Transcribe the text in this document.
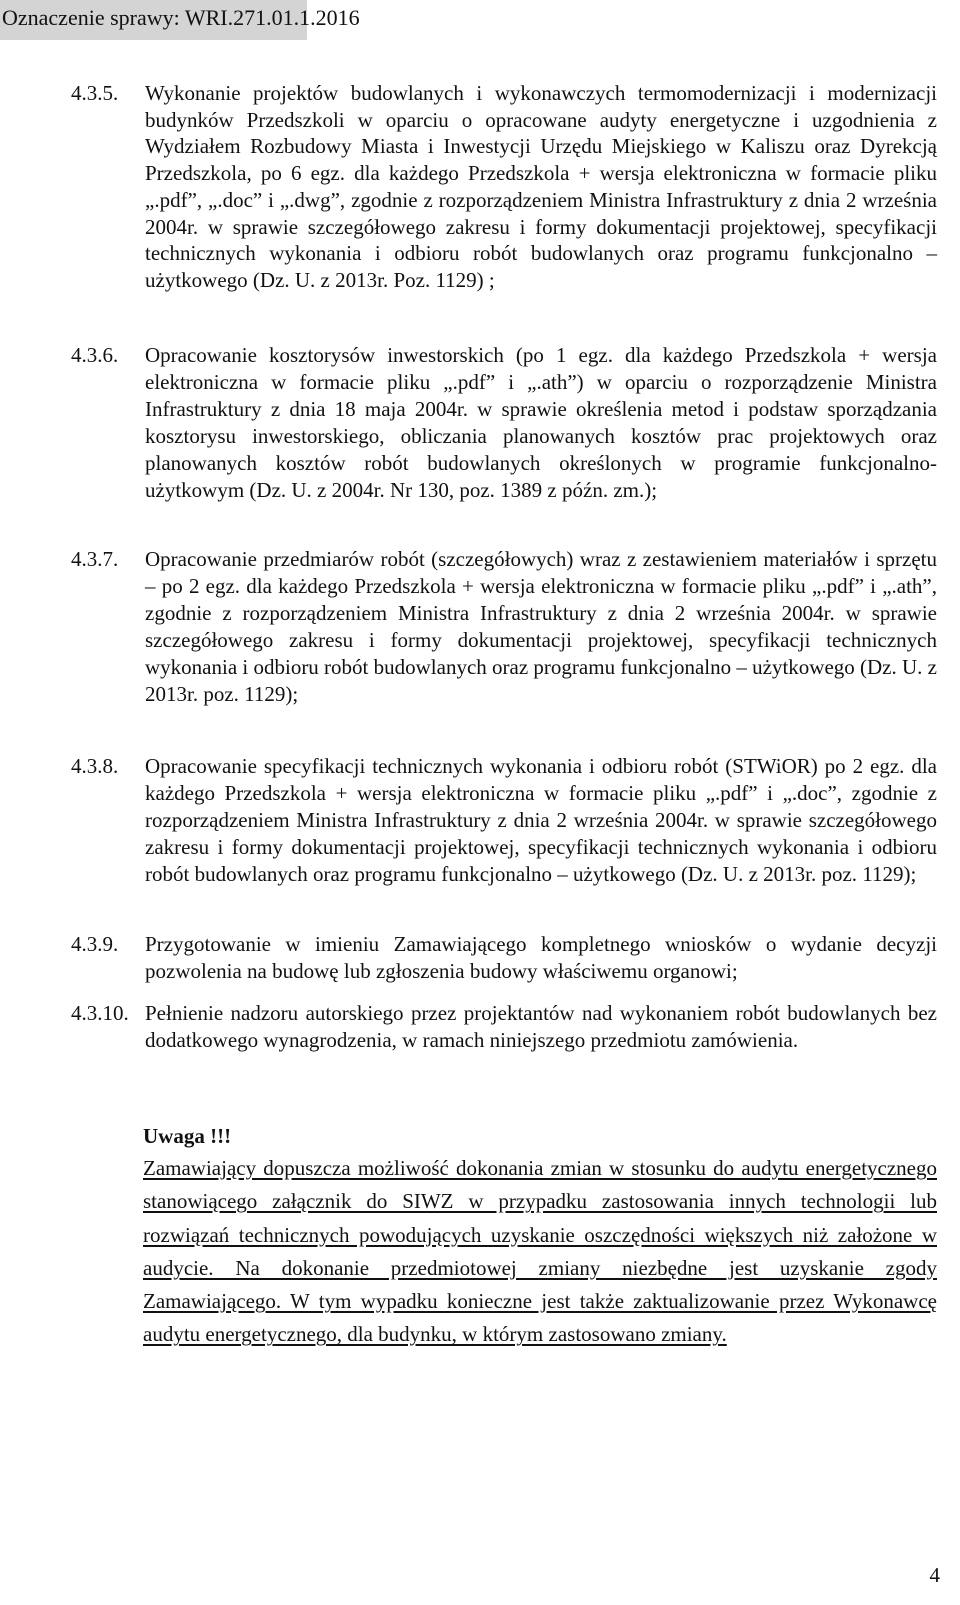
Oznaczenie sprawy: WRI.271.01.1.2016
4.3.5. Wykonanie projektów budowlanych i wykonawczych termomodernizacji i modernizacji budynków Przedszkoli w oparciu o opracowane audyty energetyczne i uzgodnienia z Wydziałem Rozbudowy Miasta i Inwestycji Urzędu Miejskiego w Kaliszu oraz Dyrekcją Przedszkola, po 6 egz. dla każdego Przedszkola + wersja elektroniczna w formacie pliku „.pdf”, „.doc” i „.dwg”, zgodnie z rozporządzeniem Ministra Infrastruktury z dnia 2 września 2004r. w sprawie szczegółowego zakresu i formy dokumentacji projektowej, specyfikacji technicznych wykonania i odbioru robót budowlanych oraz programu funkcjonalno – użytkowego (Dz. U. z 2013r. Poz. 1129) ;
4.3.6. Opracowanie kosztorysów inwestorskich (po 1 egz. dla każdego Przedszkola + wersja elektroniczna w formacie pliku „.pdf” i „.ath”) w oparciu o rozporządzenie Ministra Infrastruktury z dnia 18 maja 2004r. w sprawie określenia metod i podstaw sporządzania kosztorysu inwestorskiego, obliczania planowanych kosztów prac projektowych oraz planowanych kosztów robót budowlanych określonych w programie funkcjonalno-użytkowym (Dz. U. z 2004r. Nr 130, poz. 1389 z późn. zm.);
4.3.7. Opracowanie przedmiarów robót (szczegółowych) wraz z zestawieniem materiałów i sprzętu – po 2 egz. dla każdego Przedszkola + wersja elektroniczna w formacie pliku „.pdf” i „.ath”, zgodnie z rozporządzeniem Ministra Infrastruktury z dnia 2 września 2004r. w sprawie szczegółowego zakresu i formy dokumentacji projektowej, specyfikacji technicznych wykonania i odbioru robót budowlanych oraz programu funkcjonalno – użytkowego (Dz. U. z 2013r. poz. 1129);
4.3.8. Opracowanie specyfikacji technicznych wykonania i odbioru robót (STWiOR) po 2 egz. dla każdego Przedszkola + wersja elektroniczna w formacie pliku „.pdf” i „.doc”, zgodnie z rozporządzeniem Ministra Infrastruktury z dnia 2 września 2004r. w sprawie szczegółowego zakresu i formy dokumentacji projektowej, specyfikacji technicznych wykonania i odbioru robót budowlanych oraz programu funkcjonalno – użytkowego (Dz. U. z 2013r. poz. 1129);
4.3.9. Przygotowanie w imieniu Zamawiającego kompletnego wniosków o wydanie decyzji pozwolenia na budowę lub zgłoszenia budowy właściwemu organowi;
4.3.10. Pełnienie nadzoru autorskiego przez projektantów nad wykonaniem robót budowlanych bez dodatkowego wynagrodzenia, w ramach niniejszego przedmiotu zamówienia.
Uwaga !!!
Zamawiający dopuszcza możliwość dokonania zmian w stosunku do audytu energetycznego stanowiącego załącznik do SIWZ w przypadku zastosowania innych technologii lub rozwiązań technicznych powodujących uzyskanie oszczędności większych niż założone w audycie. Na dokonanie przedmiotowej zmiany niezbędne jest uzyskanie zgody Zamawiającego. W tym wypadku konieczne jest także zaktualizowanie przez Wykonawcę audytu energetycznego, dla budynku, w którym zastosowano zmiany.
4
